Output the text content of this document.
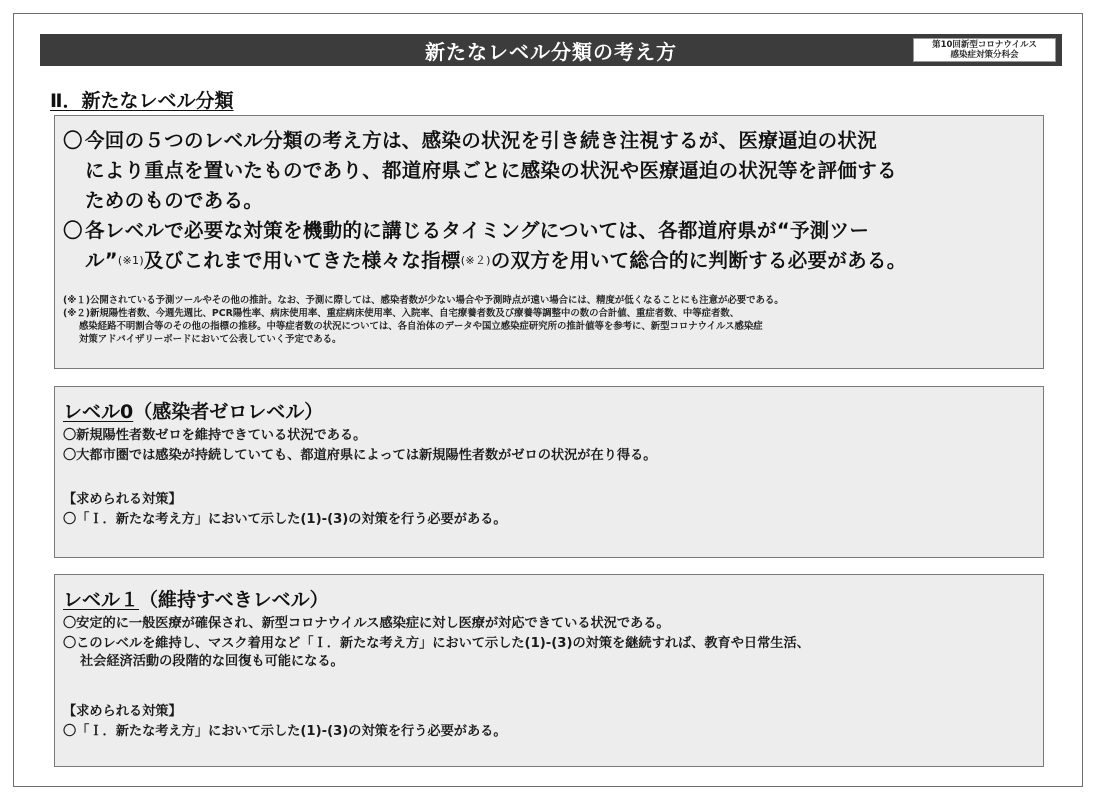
新たなレベル分類の考え方	第10回新型コロナウイルス
感染症対策分科会
Ⅱ．新たなレベル分類
〇 今回の５つのレベル分類の考え方は、感染の状況を引き続き注視するが、医療逼迫の状況
により重点を置いたものであり、都道府県ごとに感染の状況や医療逼迫の状況等を評価する
ためのものである。
〇 各レベルで必要な対策を機動的に講じるタイミングについては、各都道府県が“予測ツー
ル”(※1)及びこれまで用いてきた様々な指標(※２)の双方を用いて総合的に判断する必要がある。
(※１)公開されている予測ツールやその他の推計。なお、予測に際しては、感染者数が少ない場合や予測時点が遠い場合には、精度が低くなることにも注意が必要である。
(※２)新規陽性者数、今週先週比、PCR陽性率、病床使用率、重症病床使用率、入院率、自宅療養者数及び療養等調整中の数の合計値、重症者数、中等症者数、
感染経路不明割合等のその他の指標の推移。中等症者数の状況については、各自治体のデータや国立感染症研究所の推計値等を参考に、新型コロナウイルス感染症
対策アドバイザリーボードにおいて公表していく予定である。
レベル0（感染者ゼロレベル）
〇新規陽性者数ゼロを維持できている状況である。
〇大都市圏では感染が持続していても、都道府県によっては新規陽性者数がゼロの状況が在り得る。
【求められる対策】
〇「Ｉ．新たな考え方」において示した(1)-(3)の対策を行う必要がある。
レベル１（維持すべきレベル）
〇安定的に一般医療が確保され、新型コロナウイルス感染症に対し医療が対応できている状況である。
〇このレベルを維持し、マスク着用など「Ｉ．新たな考え方」において示した(1)-(3)の対策を継続すれば、教育や日常生活、
社会経済活動の段階的な回復も可能になる。
【求められる対策】
〇「Ｉ．新たな考え方」において示した(1)-(3)の対策を行う必要がある。
